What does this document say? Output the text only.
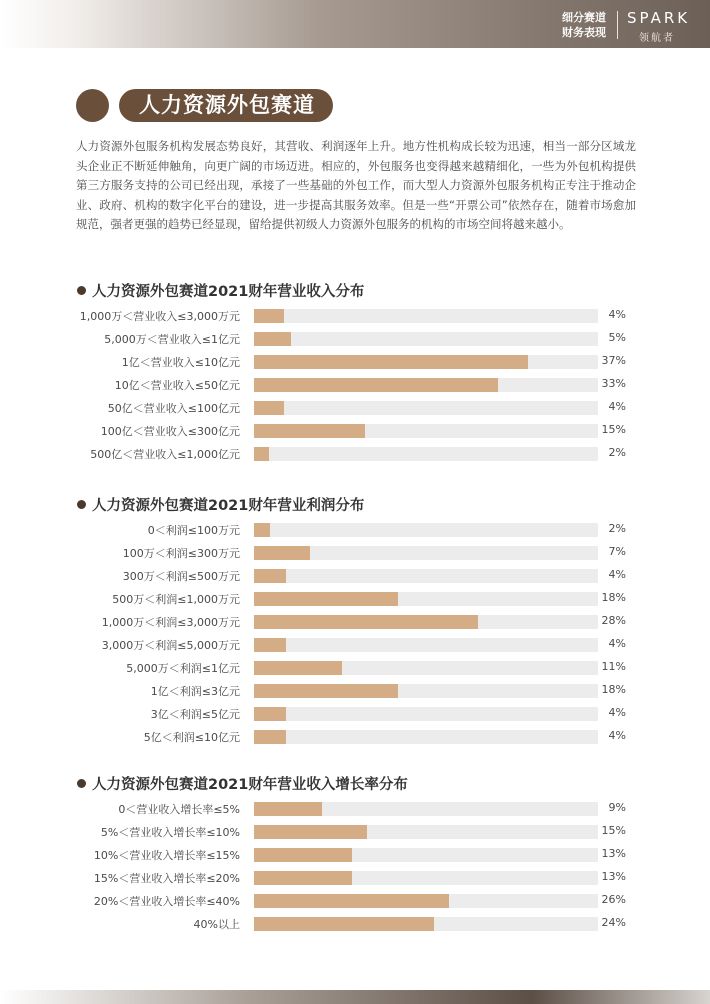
细分赛道
财务表现
SPARK
领航者
人力资源外包赛道

人力资源外包服务机构发展态势良好，其营收、利润逐年上升。地方性机构成长较为迅速，相当一部分区域龙头企业正不断延伸触角，向更广阔的市场迈进。相应的，外包服务也变得越来越精细化，一些为外包机构提供第三方服务支持的公司已经出现，承接了一些基础的外包工作，而大型人力资源外包服务机构正专注于推动企业、政府、机构的数字化平台的建设，进一步提高其服务效率。但是一些“开票公司”依然存在，随着市场愈加规范，强者更强的趋势已经显现，留给提供初级人力资源外包服务的机构的市场空间将越来越小。

人力资源外包赛道2021财年营业收入分布
1,000万＜营业收入≤3,000万元	4%
5,000万＜营业收入≤1亿元	5%
1亿＜营业收入≤10亿元	37%
10亿＜营业收入≤50亿元	33%
50亿＜营业收入≤100亿元	4%
100亿＜营业收入≤300亿元	15%
500亿＜营业收入≤1,000亿元	2%
人力资源外包赛道2021财年营业利润分布
0＜利润≤100万元	2%
100万＜利润≤300万元	7%
300万＜利润≤500万元	4%
500万＜利润≤1,000万元	18%
1,000万＜利润≤3,000万元	28%
3,000万＜利润≤5,000万元	4%
5,000万＜利润≤1亿元	11%
1亿＜利润≤3亿元	18%
3亿＜利润≤5亿元	4%
5亿＜利润≤10亿元	4%
人力资源外包赛道2021财年营业收入增长率分布
0＜营业收入增长率≤5%	9%
5%＜营业收入增长率≤10%	15%
10%＜营业收入增长率≤15%	13%
15%＜营业收入增长率≤20%	13%
20%＜营业收入增长率≤40%	26%
40%以上	24%
